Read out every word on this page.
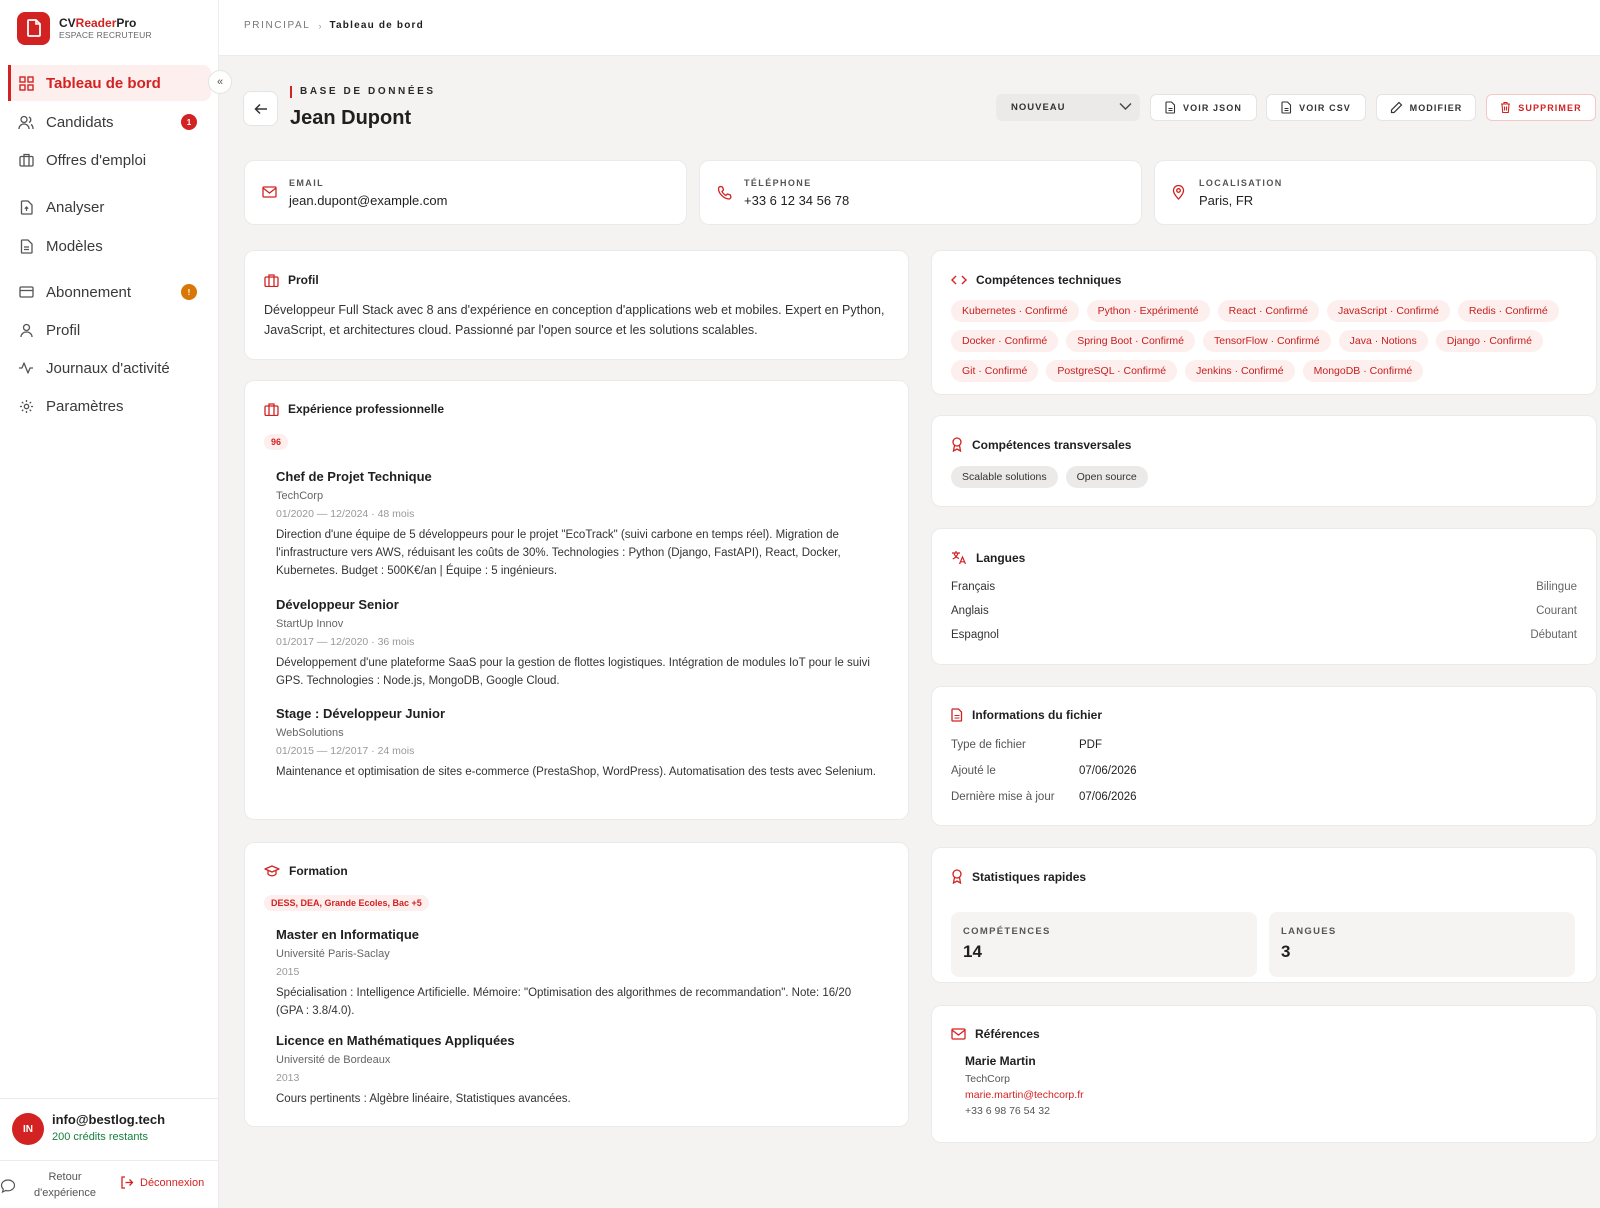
CVReaderPro
ESPACE RECRUTEUR
Tableau de bord
Candidats	1
Offres d'emploi
Analyser
Modèles
Abonnement	!
Profil
Journaux d'activité
Paramètres
IN
info@bestlog.tech
200 crédits restants
Retour d'expérience
Déconnexion
«
PRINCIPAL › Tableau de bord
BASE DE DONNÉES
Jean Dupont	NOUVEAU	VOIR JSON	VOIR CSV	MODIFIER	SUPPRIMER
EMAIL
jean.dupont@example.com
TÉLÉPHONE
+33 6 12 34 56 78
LOCALISATION
Paris, FR
Profil

Développeur Full Stack avec 8 ans d'expérience en conception d'applications web et mobiles. Expert en Python, JavaScript, et architectures cloud. Passionné par l'open source et les solutions scalables.

Expérience professionnelle
96
Chef de Projet Technique
TechCorp
01/2020 — 12/2024 · 48 mois
Direction d'une équipe de 5 développeurs pour le projet "EcoTrack" (suivi carbone en temps réel). Migration de l'infrastructure vers AWS, réduisant les coûts de 30%. Technologies : Python (Django, FastAPI), React, Docker, Kubernetes. Budget : 500K€/an | Équipe : 5 ingénieurs.
Développeur Senior
StartUp Innov
01/2017 — 12/2020 · 36 mois
Développement d'une plateforme SaaS pour la gestion de flottes logistiques. Intégration de modules IoT pour le suivi GPS. Technologies : Node.js, MongoDB, Google Cloud.
Stage : Développeur Junior
WebSolutions
01/2015 — 12/2017 · 24 mois
Maintenance et optimisation de sites e-commerce (PrestaShop, WordPress). Automatisation des tests avec Selenium.
Formation
DESS, DEA, Grande Ecoles, Bac +5
Master en Informatique
Université Paris-Saclay
2015
Spécialisation : Intelligence Artificielle. Mémoire: "Optimisation des algorithmes de recommandation". Note: 16/20 (GPA : 3.8/4.0).
Licence en Mathématiques Appliquées
Université de Bordeaux
2013
Cours pertinents : Algèbre linéaire, Statistiques avancées.
Compétences techniques
Kubernetes · Confirmé	Python · Expérimenté	React · Confirmé	JavaScript · Confirmé	Redis · Confirmé
Docker · Confirmé	Spring Boot · Confirmé	TensorFlow · Confirmé	Java · Notions	Django · Confirmé
Git · Confirmé	PostgreSQL · Confirmé	Jenkins · Confirmé	MongoDB · Confirmé
Compétences transversales
Scalable solutions	Open source
Langues
Français	Bilingue
Anglais	Courant
Espagnol	Débutant
Informations du fichier
Type de fichier	PDF
Ajouté le	07/06/2026
Dernière mise à jour	07/06/2026
Statistiques rapides
COMPÉTENCES
14
LANGUES
3
Références
Marie Martin
TechCorp
marie.martin@techcorp.fr
+33 6 98 76 54 32
